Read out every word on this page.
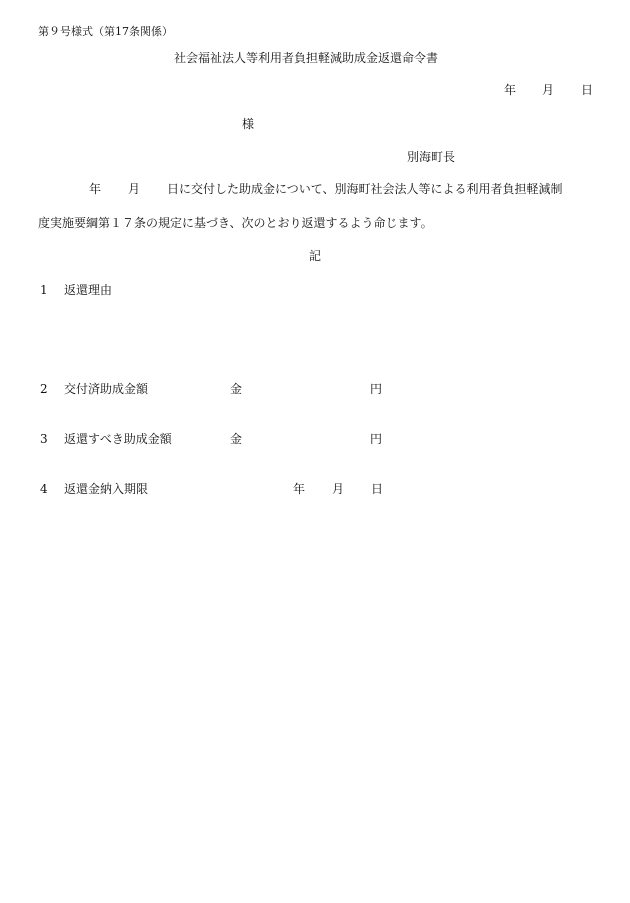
第９号様式（第17条関係）
社会福祉法人等利用者負担軽減助成金返還命令書
年 月 日
様
別海町長
年 月 日に交付した助成金について、別海町社会法人等による利用者負担軽減制
度実施要綱第１７条の規定に基づき、次のとおり返還するよう命じます。
記
1 返還理由
2 交付済助成金額	金	円
3 返還すべき助成金額	金	円
4 返還金納入期限	年 月 日
